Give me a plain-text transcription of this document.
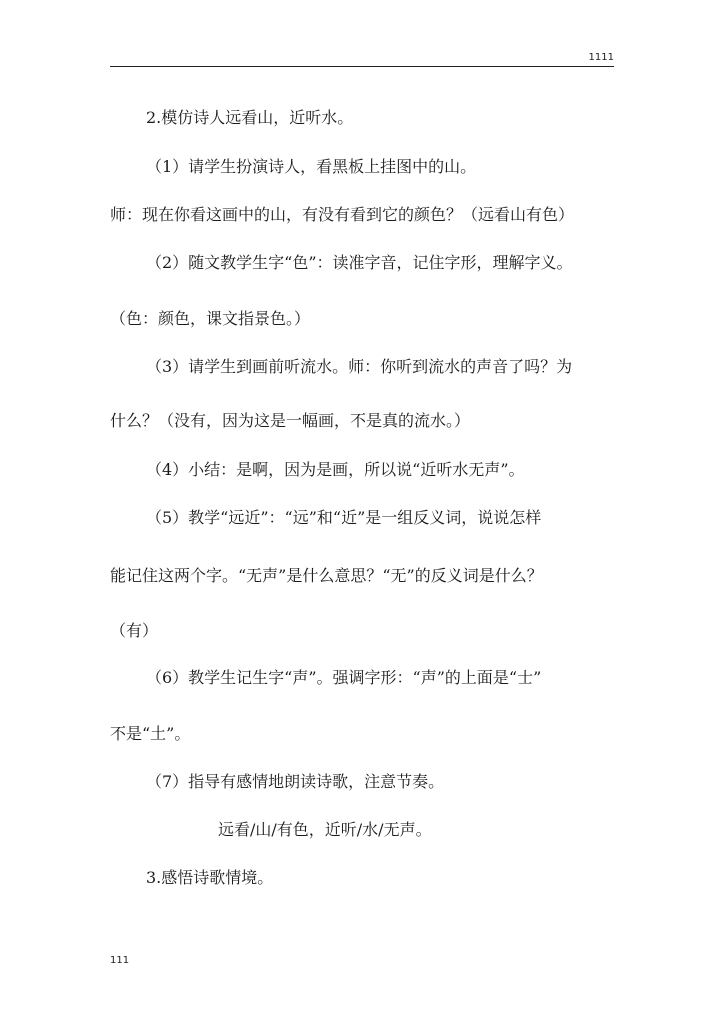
1111
2.模仿诗人远看山，近听水。
（1）请学生扮演诗人，看黑板上挂图中的山。
师：现在你看这画中的山，有没有看到它的颜色？（远看山有色）
（2）随文教学生字“色”：读准字音，记住字形，理解字义。
（色：颜色，课文指景色。）
（3）请学生到画前听流水。师：你听到流水的声音了吗？为
什么？（没有，因为这是一幅画，不是真的流水。）
（4）小结：是啊，因为是画，所以说“近听水无声”。
（5）教学“远近”：“远”和“近”是一组反义词，说说怎样
能记住这两个字。“无声”是什么意思？“无”的反义词是什么？
（有）
（6）教学生记生字“声”。强调字形：“声”的上面是“士”
不是“土”。
（7）指导有感情地朗读诗歌，注意节奏。
远看/山/有色，近听/水/无声。
3.感悟诗歌情境。
111
